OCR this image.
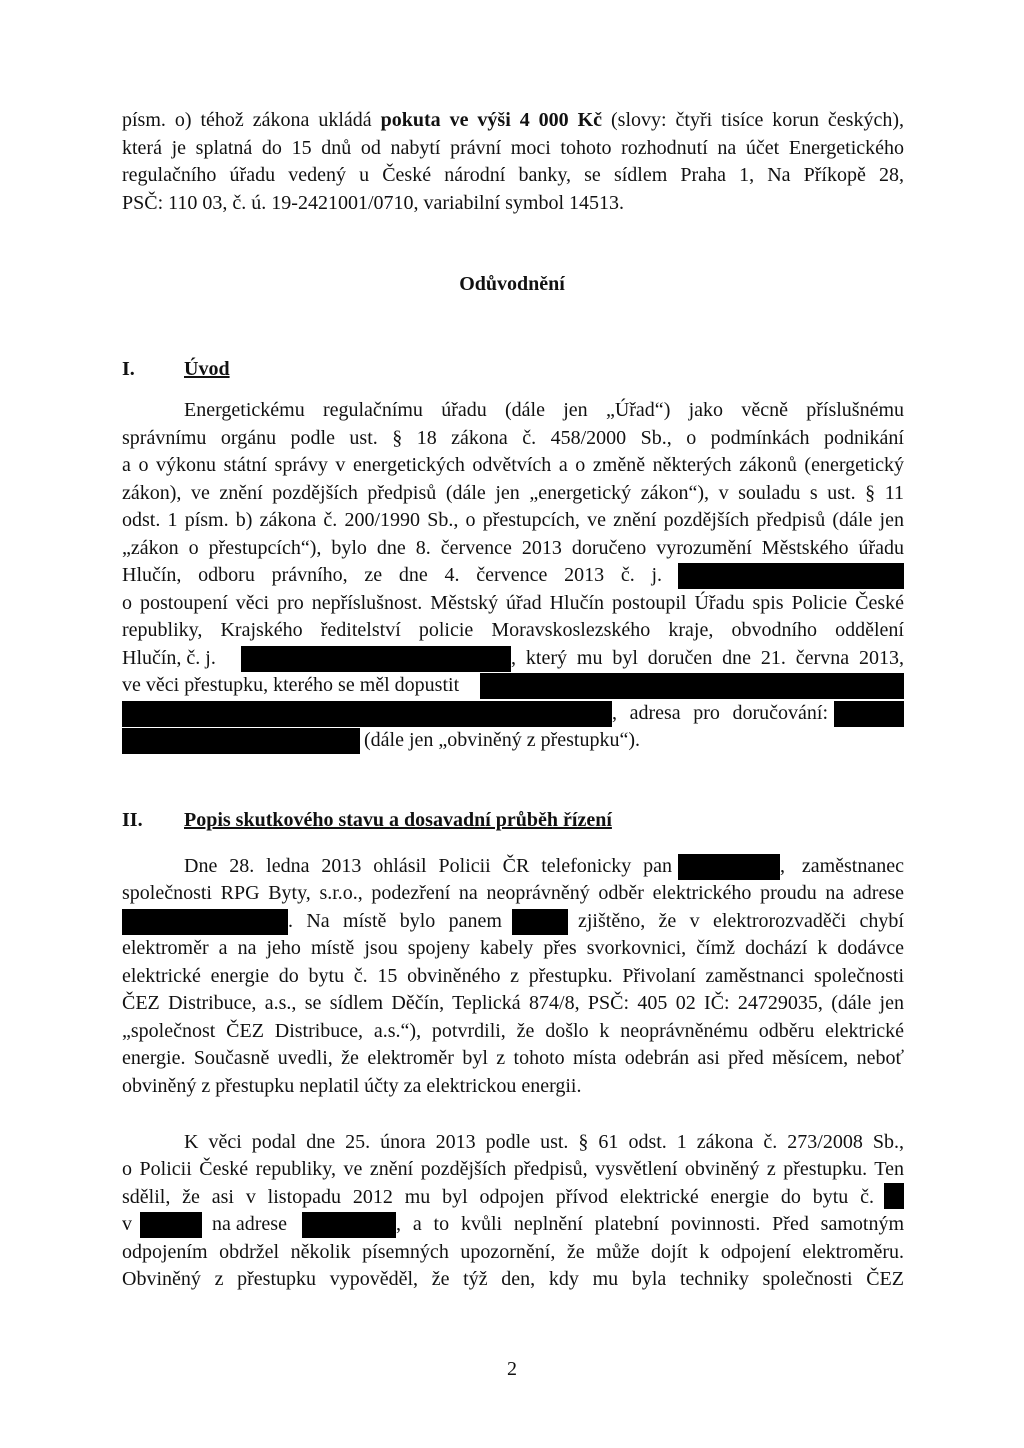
písm. o) téhož zákona ukládá pokuta ve výši 4 000 Kč (slovy: čtyři tisíce korun českých),
která je splatná do 15 dnů od nabytí právní moci tohoto rozhodnutí na účet Energetického
regulačního úřadu vedený u České národní banky, se sídlem Praha 1, Na Příkopě 28,
PSČ: 110 03, č. ú. 19-2421001/0710, variabilní symbol 14513.
Odůvodnění
I. Úvod
Energetickému regulačnímu úřadu (dále jen „Úřad“) jako věcně příslušnému
správnímu orgánu podle ust. § 18 zákona č. 458/2000 Sb., o podmínkách podnikání
a o výkonu státní správy v energetických odvětvích a o změně některých zákonů (energetický
zákon), ve znění pozdějších předpisů (dále jen „energetický zákon“), v souladu s ust. § 11
odst. 1 písm. b) zákona č. 200/1990 Sb., o přestupcích, ve znění pozdějších předpisů (dále jen
„zákon o přestupcích“), bylo dne 8. července 2013 doručeno vyrozumění Městského úřadu
Hlučín, odboru právního, ze dne 4. července 2013 č. j.
o postoupení věci pro nepříslušnost. Městský úřad Hlučín postoupil Úřadu spis Policie České
republiky, Krajského ředitelství policie Moravskoslezského kraje, obvodního oddělení
Hlučín, č. j.	, který mu byl doručen dne 21. června 2013,
ve věci přestupku, kterého se měl dopustit
, adresa pro doručování:
(dále jen „obviněný z přestupku“).
II. Popis skutkového stavu a dosavadní průběh řízení
Dne 28. ledna 2013 ohlásil Policii ČR telefonicky pan	, zaměstnanec
společnosti RPG Byty, s.r.o., podezření na neoprávněný odběr elektrického proudu na adrese
. Na místě bylo panem	zjištěno, že v elektrorozvaděči chybí
elektroměr a na jeho místě jsou spojeny kabely přes svorkovnici, čímž dochází k dodávce
elektrické energie do bytu č. 15 obviněného z přestupku. Přivolaní zaměstnanci společnosti
ČEZ Distribuce, a.s., se sídlem Děčín, Teplická 874/8, PSČ: 405 02 IČ: 24729035, (dále jen
„společnost ČEZ Distribuce, a.s.“), potvrdili, že došlo k neoprávněnému odběru elektrické
energie. Současně uvedli, že elektroměr byl z tohoto místa odebrán asi před měsícem, neboť
obviněný z přestupku neplatil účty za elektrickou energii.
K věci podal dne 25. února 2013 podle ust. § 61 odst. 1 zákona č. 273/2008 Sb.,
o Policii České republiky, ve znění pozdějších předpisů, vysvětlení obviněný z přestupku. Ten
sdělil, že asi v listopadu 2012 mu byl odpojen přívod elektrické energie do bytu č.
v	na adrese	, a to kvůli neplnění platební povinnosti. Před samotným
odpojením obdržel několik písemných upozornění, že může dojít k odpojení elektroměru.
Obviněný z přestupku vypověděl, že týž den, kdy mu byla techniky společnosti ČEZ
2
